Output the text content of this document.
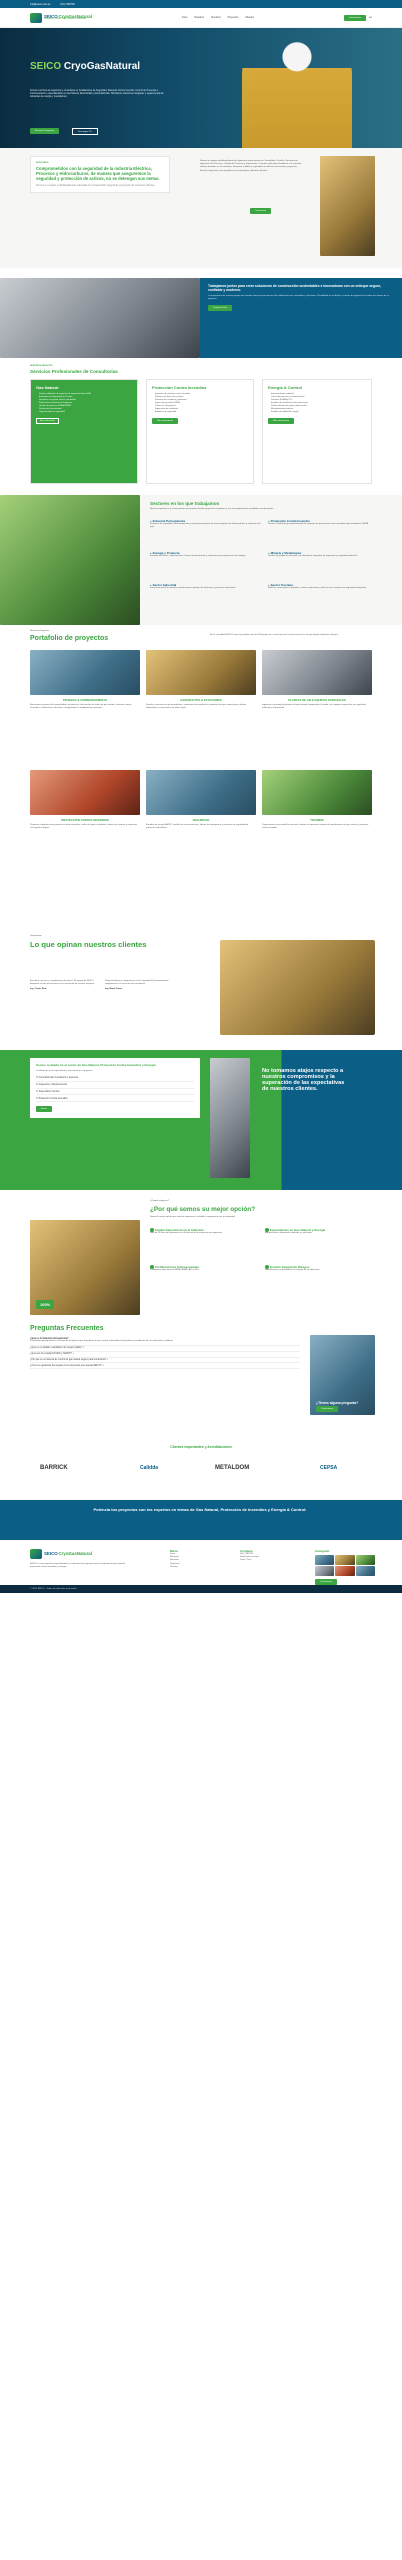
info@seico.com.pe	(01) 7483726
SEICO CryoGasNatural
INGENIERIA · CONSULTORIA · GERENCIA · SEGURIDAD
Inicio	Nosotros	Servicios	Proyectos	Clientes	Contactanos	ES
SEICO CryoGasNatural
Somos una firma de ingeniería y consultoría en Instalaciones de Seguridad, Sistemas Contra Incendio, Control de Procesos e Instrumentación, especializados en Gas Natural, Electricidad y Automatización. Brindamos soluciones integrales y seguras para las industrias de energía y manufactura.
Nuestros Proyectos	Descargar CV
NOSOTROS
Comprometidos con la seguridad de la industria Eléctrica, Procesos y Hidrocarburos, de manera que aseguremos la seguridad y protección de activos, no se detengan sus metas.
Somos un equipo multidisciplinario enfocado en el desarrollo integral de proyectos de nuestros clientes.
Somos un equipo multidisciplinario de Ingenieros especialistas en Consultoría, Diseño, Construcción, Ingeniería de Procesos, Control de Procesos y Supervisión. Creamos relaciones duraderas con nuestros clientes basados en la confianza, eficiencia, calidad y seguridad en cada uno de nuestros proyectos. Nuestra trayectoria nos respalda en las principales industrias del país.
Conócenos
Trabajamos juntos para crear soluciones de construcción sustentables e innovadoras con un enfoque seguro, confiable y moderno.
La experiencia de nuestro equipo nos permite ofrecer proyectos de alta calidad que son sostenibles y eficientes. Flexibilidad en el diseño y soporte de ingeniería en todas las etapas de su proyecto.
Proyectos Eco
NUESTROS SERVICIOS
Servicios Profesionales de Consultorías
Gas Natural
• Diseño y definición de proyectos de ingeniería básica GNV
• Estaciones de Regulación de Presión
• Ingeniería conceptual, básica y de detalle
• Supervisión y Gerencia de Proyectos
• Gestión de permisos OSINERGMIN
• Pruebas de hermeticidad
• Capacitaciones en seguridad
Más información
Protección Contra Incendios
• Ingeniería de sistemas contra incendios
• Sistemas de detección y alarma
• Sistemas de rociadores y gabinetes
• Inspección y pruebas NFPA
• Planes de contingencia
• Supervisión de instalación
• Auditorías de seguridad
Más información
Energía & Control
• Instrumentación industrial
• Control de procesos y automatización
• Sistemas SCADA y PLC
• Estudios de coordinación de protecciones
• Diseño eléctrico de media y baja tensión
• Mantenimiento predictivo
• Estudios de calidad de energía
Más información
Sectores en los que trabajamos
Nuestra experiencia y conocimiento nos permite atender proyectos complejos y a la vez proporcionar resultados excepcionales.
+ Industria Petroquímica
Sistemas de seguridad, instrumentación y control para plantas de procesamiento de hidrocarburos y refinerías del país.
+ Protección Contra Incendio
Diseño, instalación y mantenimiento de sistemas de protección contra incendios bajo estándares NFPA.
+ Energía y Potencia
Estudios eléctricos, subestaciones, líneas de transmisión y soluciones para generación de energía.
+ Minería y Metalúrgica
Gestión de proyectos mineros con soluciones integrales de ingeniería y seguridad industrial.
+ Sector Industrial
Soluciones para la industria manufacturera, plantas de alimentos y procesos industriales.
+ Sector Terciario
Edificios comerciales, hospitales, centros educativos y oficinas con sistemas de seguridad integrados.
Nuestros Proyectos
Portafolio de proyectos	En la actualidad SEICO tiene ejecutados más de 500 proyectos a nivel nacional e internacional en las principales industrias del país.
PRUEBAS & COMISIONAMIENTO
Ejecutamos pruebas de hermeticidad, resistencia y funcionales en redes de gas natural, sistemas contra incendio e instalaciones eléctricas, asegurando el cumplimiento normativo.
GASODUCTOS & ESTACIONES
Diseño y construcción de gasoductos, estaciones de regulación y medición de gas natural para clientes industriales y comerciales en todo el país.
PLANTAS DE GN & EQUIPOS ESPECIALES
Ingeniería y montaje de plantas de gas natural comprimido y licuado, con equipos especiales de regulación, medición y odorización.
PROTECCIÓN CONTRA INCENDIOS
Proyectos integrales de protección contra incendios: redes de agua, rociadores, detección, alarma y supresión con agentes limpios.
SEGURIDAD
Estudios de riesgo HAZOP, análisis de consecuencias, planes de emergencia y asesoría en seguridad de procesos industriales.
TRAINING
Capacitamos al personal de nuestros clientes en operación segura de instalaciones de gas natural y sistemas contra incendio.
Testimonios
Lo que opinan nuestros clientes
Excelente servicio y cumplimiento de plazos. El equipo de SEICO demostró un alto nivel técnico en la ejecución de nuestro proyecto.
Ing. Carlos Ruiz
Profesionalismo y compromiso con la seguridad. Recomendamos ampliamente sus servicios de consultoría.
Ing. María Torres
Somos tu aliado en el sector de Gas Natural, Protección Contra Incendios y Energía
Contáctanos y un especialista te asesorará en tu proyecto.
☐ Consultoría En Consultoría y Gerencia
☐ Inspección y Mantenimiento
☐ Supervisión Técnica
☐ Protección Contra Incendios
Enviar
No tomamos atajos respecto a nuestros compromisos y la superación de las expectativas de nuestros clientes.
¿Porqué elegirnos?
¿Por qué somos su mejor opción?
Somos la mejor opción por nuestra experiencia, calidad y compromiso con la seguridad.
100%
Amplia Experiencia en la Industria
Más de 20 años de experiencia en la ejecución de proyectos de ingeniería.
Especialistas en Gas Natural y Energía
Equipo técnico altamente calificado y certificado.
Certificaciones Internacionales
Trabajamos bajo normas NFPA, ASME, API e ISO.
Gestión Integral de Riesgos
Identificamos y controlamos los riesgos de su operación.
Preguntas Frecuentes
¿Qué es la industria petroquímica?
La industria petroquímica es la rama de la química que transforma el gas natural y derivados del petróleo en productos de uso industrial y cotidiano.
¿Qué es un análisis cuantitativo de riesgos (QRA)? +
¿Qué son los estudios HAZID y HAZOP? +
¿Por qué es un sistema de control de gas natural seguro para la industria? +
¿Cómo se gestionan los riesgos en los proyectos que maneja SEICO? +
¿Tienes alguna pregunta?
Contáctanos
Clientes importantes y Acreditaciones
BARRICK	Calidda	METALDOM	CEPSA
Potencia tus proyectos con los expertos en temas de Gas Natural, Protección de Incendios y Energía & Control:
SEICO CryoGasNatural
SEICO es una empresa especializada en soluciones de ingeniería para la industria de gas natural, protección contra incendios y energía.
Menú
Inicio
Nosotros
Servicios
Proyectos
Clientes
Contacto
(01) 7483726
info@seico.com.pe
Lima - Perú
Instagram
Contáctanos
© 2024 SEICO · Todos los derechos reservados
